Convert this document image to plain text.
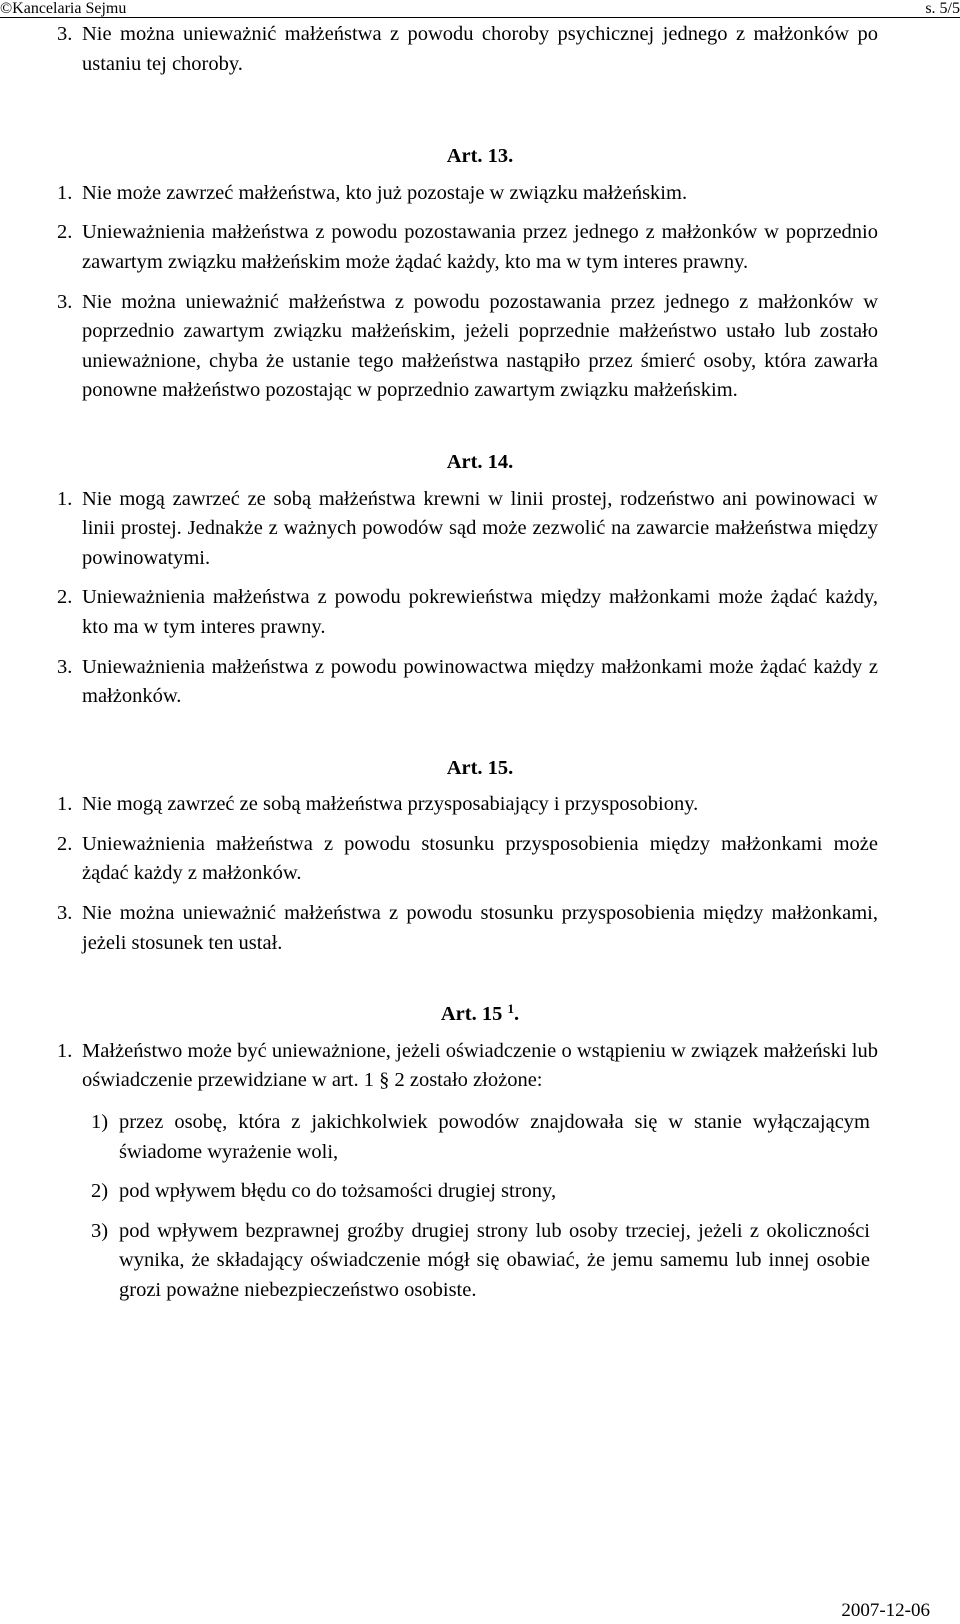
©Kancelaria Sejmu	s. 5/5
3. Nie można unieważnić małżeństwa z powodu choroby psychicznej jednego z małżonków po ustaniu tej choroby.

Art. 13.

1. Nie może zawrzeć małżeństwa, kto już pozostaje w związku małżeńskim.
2. Unieważnienia małżeństwa z powodu pozostawania przez jednego z małżonków w poprzednio zawartym związku małżeńskim może żądać każdy, kto ma w tym interes prawny.
3. Nie można unieważnić małżeństwa z powodu pozostawania przez jednego z małżonków w poprzednio zawartym związku małżeńskim, jeżeli poprzednie małżeństwo ustało lub zostało unieważnione, chyba że ustanie tego małżeństwa nastąpiło przez śmierć osoby, która zawarła ponowne małżeństwo pozostając w poprzednio zawartym związku małżeńskim.

Art. 14.

1. Nie mogą zawrzeć ze sobą małżeństwa krewni w linii prostej, rodzeństwo ani powinowaci w linii prostej. Jednakże z ważnych powodów sąd może zezwolić na zawarcie małżeństwa między powinowatymi.
2. Unieważnienia małżeństwa z powodu pokrewieństwa między małżonkami może żądać każdy, kto ma w tym interes prawny.
3. Unieważnienia małżeństwa z powodu powinowactwa między małżonkami może żądać każdy z małżonków.

Art. 15.

1. Nie mogą zawrzeć ze sobą małżeństwa przysposabiający i przysposobiony.
2. Unieważnienia małżeństwa z powodu stosunku przysposobienia między małżonkami może żądać każdy z małżonków.
3. Nie można unieważnić małżeństwa z powodu stosunku przysposobienia między małżonkami, jeżeli stosunek ten ustał.

Art. 15 $^1$.

1. Małżeństwo może być unieważnione, jeżeli oświadczenie o wstąpieniu w związek małżeński lub oświadczenie przewidziane w art. 1 § 2 zostało złożone:
1) przez osobę, która z jakichkolwiek powodów znajdowała się w stanie wyłączającym świadome wyrażenie woli,
2) pod wpływem błędu co do tożsamości drugiej strony,
3) pod wpływem bezprawnej groźby drugiej strony lub osoby trzeciej, jeżeli z okoliczności wynika, że składający oświadczenie mógł się obawiać, że jemu samemu lub innej osobie grozi poważne niebezpieczeństwo osobiste.
2007-12-06
